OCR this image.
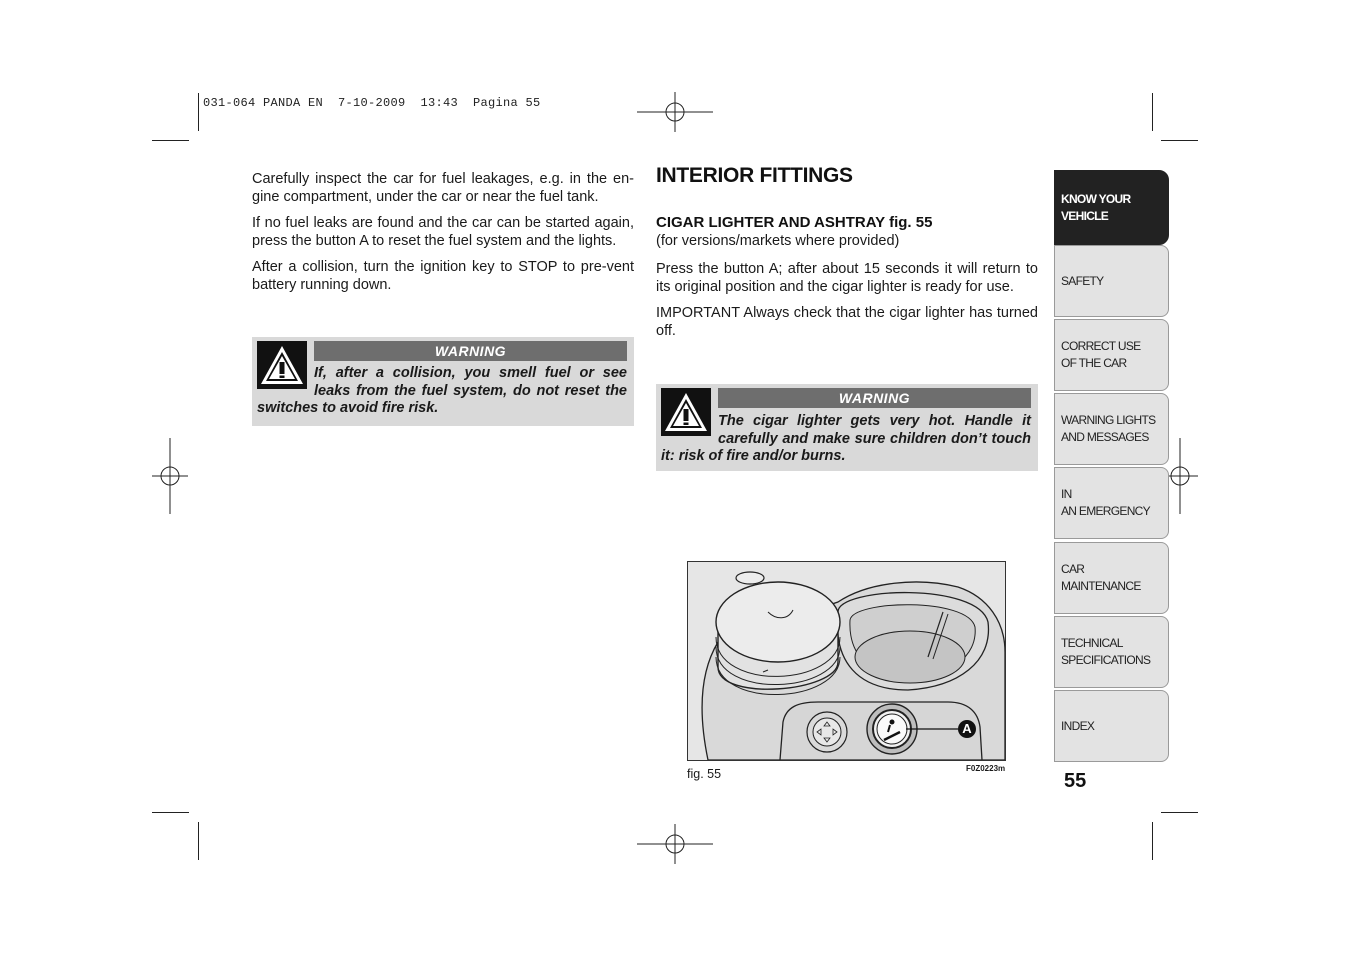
031-064 PANDA EN  7-10-2009  13:43  Pagina 55

Carefully inspect the car for fuel leakages, e.g. in the en-gine compartment, under the car or near the fuel tank.

If no fuel leaks are found and the car can be started again, press the button A to reset the fuel system and the lights.

After a collision, turn the ignition key to STOP to pre-vent battery running down.

WARNING
If, after a collision, you smell fuel or see leaks from the fuel system, do not reset the switches to avoid fire risk.
INTERIOR FITTINGS
CIGAR LIGHTER AND ASHTRAY fig. 55
(for versions/markets where provided)

Press the button A; after about 15 seconds it will return to its original position and the cigar lighter is ready for use.

IMPORTANT Always check that the cigar lighter has turned off.

WARNING
The cigar lighter gets very hot. Handle it carefully and make sure children don’t touch it: risk of fire and/or burns.
A
fig. 55	F0Z0223m
KNOW YOUR
VEHICLE
SAFETY
CORRECT USE
OF THE CAR
WARNING LIGHTS
AND MESSAGES
IN
AN EMERGENCY
CAR
MAINTENANCE
TECHNICAL
SPECIFICATIONS
INDEX
55
